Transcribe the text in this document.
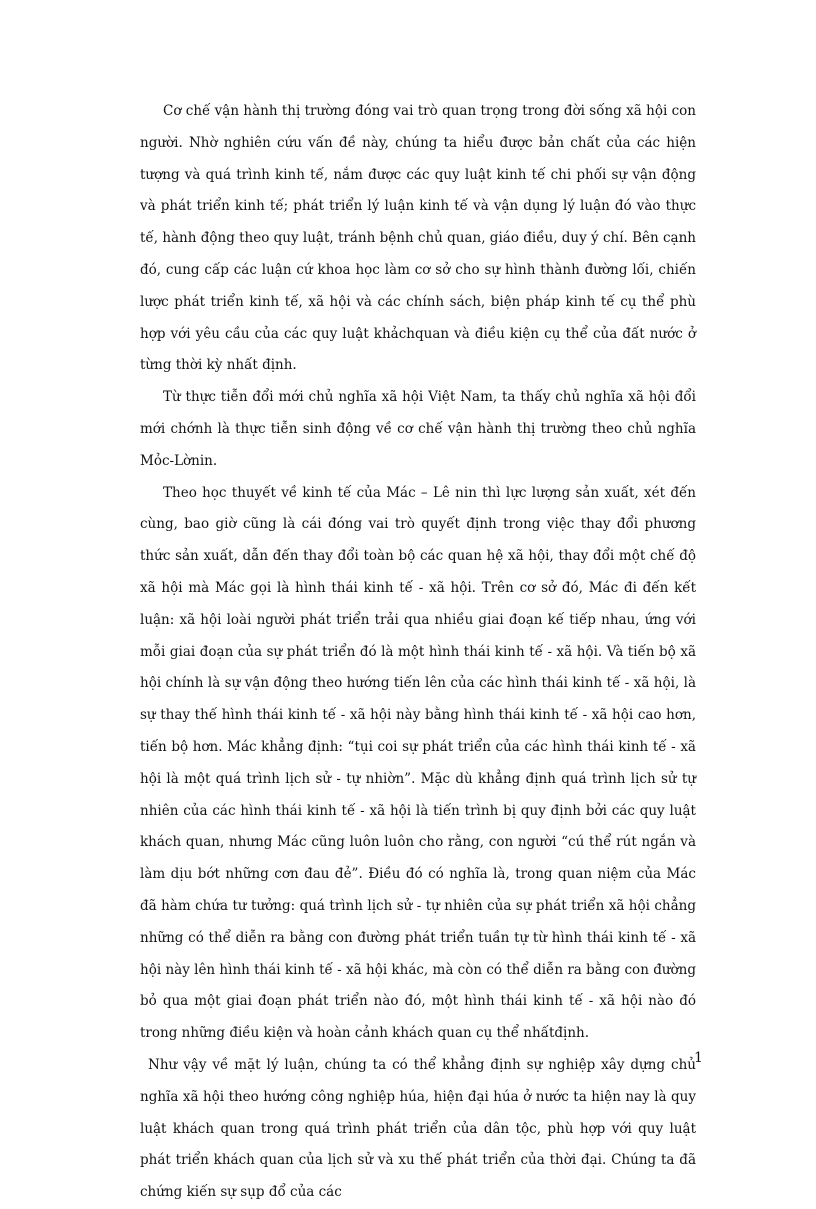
Cơ chế vận hành thị trường đóng vai trò quan trọng trong đời sống xã hội con người. Nhờ nghiên cứu vấn đề này, chúng ta hiểu được bản chất của các hiện tượng và quá trình kinh tế, nắm được các quy luật kinh tế chi phối sự vận động và phát triển kinh tế; phát triển lý luận kinh tế và vận dụng lý luận đó vào thực tế, hành động theo quy luật, tránh bệnh chủ quan, giáo điều, duy ý chí. Bên cạnh đó, cung cấp các luận cứ khoa học làm cơ sở cho sự hình thành đường lối, chiến lược phát triển kinh tế, xã hội và các chính sách, biện pháp kinh tế cụ thể phù hợp với yêu cầu của các quy luật khảchquan và điều kiện cụ thể của đất nước ở từng thời kỳ nhất định.

Từ thực tiễn đổi mới chủ nghĩa xã hội Việt Nam, ta thấy chủ nghĩa xã hội đổi mới chớnh là thực tiễn sinh động về cơ chế vận hành thị trường theo chủ nghĩa Mỏc-Lờnin.

Theo học thuyết về kinh tế của Mác – Lê nin thì lực lượng sản xuất, xét đến cùng, bao giờ cũng là cái đóng vai trò quyết định trong việc thay đổi phương thức sản xuất, dẫn đến thay đổi toàn bộ các quan hệ xã hội, thay đổi một chế độ xã hội mà Mác gọi là hình thái kinh tế - xã hội. Trên cơ sở đó, Mác đi đến kết luận: xã hội loài người phát triển trải qua nhiều giai đoạn kế tiếp nhau, ứng với mỗi giai đoạn của sự phát triển đó là một hình thái kinh tế - xã hội. Và tiến bộ xã hội chính là sự vận động theo hướng tiến lên của các hình thái kinh tế - xã hội, là sự thay thế hình thái kinh tế - xã hội này bằng hình thái kinh tế - xã hội cao hơn, tiến bộ hơn. Mác khẳng định: “tụi coi sự phát triển của các hình thái kinh tế - xã hội là một quá trình lịch sử - tự nhiờn”. Mặc dù khẳng định quá trình lịch sử tự nhiên của các hình thái kinh tế - xã hội là tiến trình bị quy định bởi các quy luật khách quan, nhưng Mác cũng luôn luôn cho rằng, con người “cú thể rút ngắn và làm dịu bớt những cơn đau đẻ”. Điều đó có nghĩa là, trong quan niệm của Mác đã hàm chứa tư tưởng: quá trình lịch sử - tự nhiên của sự phát triển xã hội chẳng những có thể diễn ra bằng con đường phát triển tuần tự từ hình thái kinh tế - xã hội này lên hình thái kinh tế - xã hội khác, mà còn có thể diễn ra bằng con đường bỏ qua một giai đoạn phát triển nào đó, một hình thái kinh tế - xã hội nào đó trong những điều kiện và hoàn cảnh khách quan cụ thể nhấtđịnh.

Như vậy về mặt lý luận, chúng ta có thể khẳng định sự nghiệp xây dựng chủ nghĩa xã hội theo hướng công nghiệp húa, hiện đại húa ở nước ta hiện nay là quy luật khách quan trong quá trình phát triển của dân tộc, phù hợp với quy luật phát triển khách quan của lịch sử và xu thế phát triển của thời đại. Chúng ta đã chứng kiến sự sụp đổ của các

1
